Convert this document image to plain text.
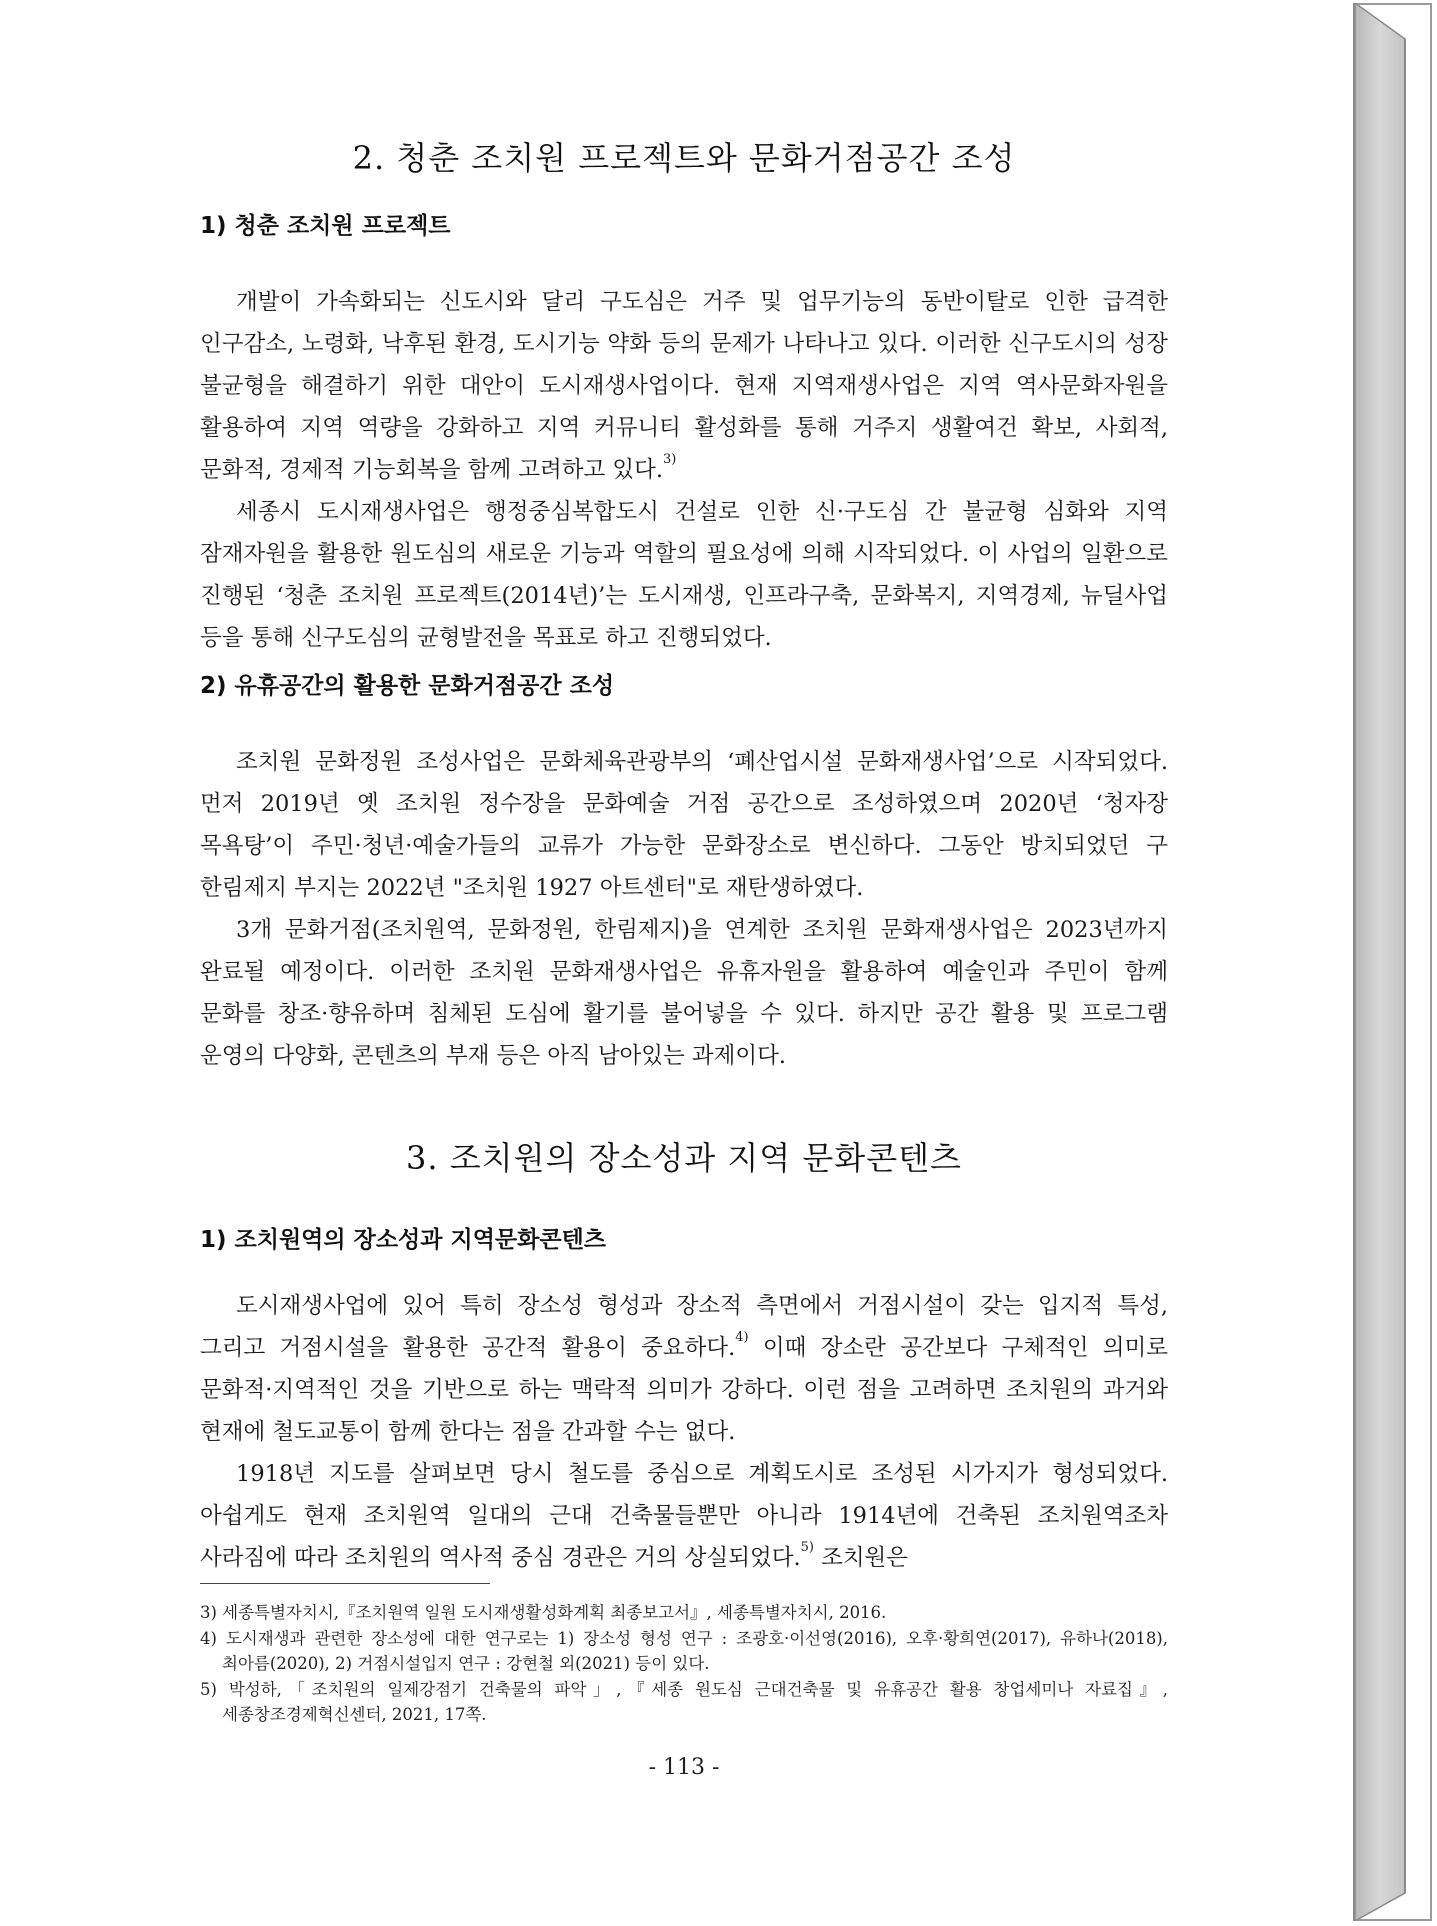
2. 청춘 조치원 프로젝트와 문화거점공간 조성
1) 청춘 조치원 프로젝트
개발이 가속화되는 신도시와 달리 구도심은 거주 및 업무기능의 동반이탈로 인한 급격한 인구감소, 노령화, 낙후된 환경, 도시기능 약화 등의 문제가 나타나고 있다. 이러한 신구도시의 성장 불균형을 해결하기 위한 대안이 도시재생사업이다. 현재 지역재생사업은 지역 역사문화자원을 활용하여 지역 역량을 강화하고 지역 커뮤니티 활성화를 통해 거주지 생활여건 확보, 사회적, 문화적, 경제적 기능회복을 함께 고려하고 있다.$^{3)}$
세종시 도시재생사업은 행정중심복합도시 건설로 인한 신·구도심 간 불균형 심화와 지역 잠재자원을 활용한 원도심의 새로운 기능과 역할의 필요성에 의해 시작되었다. 이 사업의 일환으로 진행된 ‘청춘 조치원 프로젝트(2014년)’는 도시재생, 인프라구축, 문화복지, 지역경제, 뉴딜사업 등을 통해 신구도심의 균형발전을 목표로 하고 진행되었다.
2) 유휴공간의 활용한 문화거점공간 조성
조치원 문화정원 조성사업은 문화체육관광부의 ‘폐산업시설 문화재생사업’으로 시작되었다. 먼저 2019년 옛 조치원 정수장을 문화예술 거점 공간으로 조성하였으며 2020년 ‘청자장 목욕탕’이 주민·청년·예술가들의 교류가 가능한 문화장소로 변신하다. 그동안 방치되었던 구 한림제지 부지는 2022년 "조치원 1927 아트센터"로 재탄생하였다.
3개 문화거점(조치원역, 문화정원, 한림제지)을 연계한 조치원 문화재생사업은 2023년까지 완료될 예정이다. 이러한 조치원 문화재생사업은 유휴자원을 활용하여 예술인과 주민이 함께 문화를 창조·향유하며 침체된 도심에 활기를 불어넣을 수 있다. 하지만 공간 활용 및 프로그램 운영의 다양화, 콘텐츠의 부재 등은 아직 남아있는 과제이다.
3. 조치원의 장소성과 지역 문화콘텐츠
1) 조치원역의 장소성과 지역문화콘텐츠
도시재생사업에 있어 특히 장소성 형성과 장소적 측면에서 거점시설이 갖는 입지적 특성, 그리고 거점시설을 활용한 공간적 활용이 중요하다.$^{4)}$ 이때 장소란 공간보다 구체적인 의미로 문화적·지역적인 것을 기반으로 하는 맥락적 의미가 강하다. 이런 점을 고려하면 조치원의 과거와 현재에 철도교통이 함께 한다는 점을 간과할 수는 없다.
1918년 지도를 살펴보면 당시 철도를 중심으로 계획도시로 조성된 시가지가 형성되었다. 아쉽게도 현재 조치원역 일대의 근대 건축물들뿐만 아니라 1914년에 건축된 조치원역조차 사라짐에 따라 조치원의 역사적 중심 경관은 거의 상실되었다.$^{5)}$ 조치원은
3) 세종특별자치시,『조치원역 일원 도시재생활성화계획 최종보고서』, 세종특별자치시, 2016.
4) 도시재생과 관련한 장소성에 대한 연구로는 1) 장소성 형성 연구 : 조광호·이선영(2016), 오후·황희연(2017), 유하나(2018), 최아름(2020), 2) 거점시설입지 연구 : 강현철 외(2021) 등이 있다.
5) 박성하,「조치원의 일제강점기 건축물의 파악」,『세종 원도심 근대건축물 및 유휴공간 활용 창업세미나 자료집』, 세종창조경제혁신센터, 2021, 17쪽.
- 113 -
